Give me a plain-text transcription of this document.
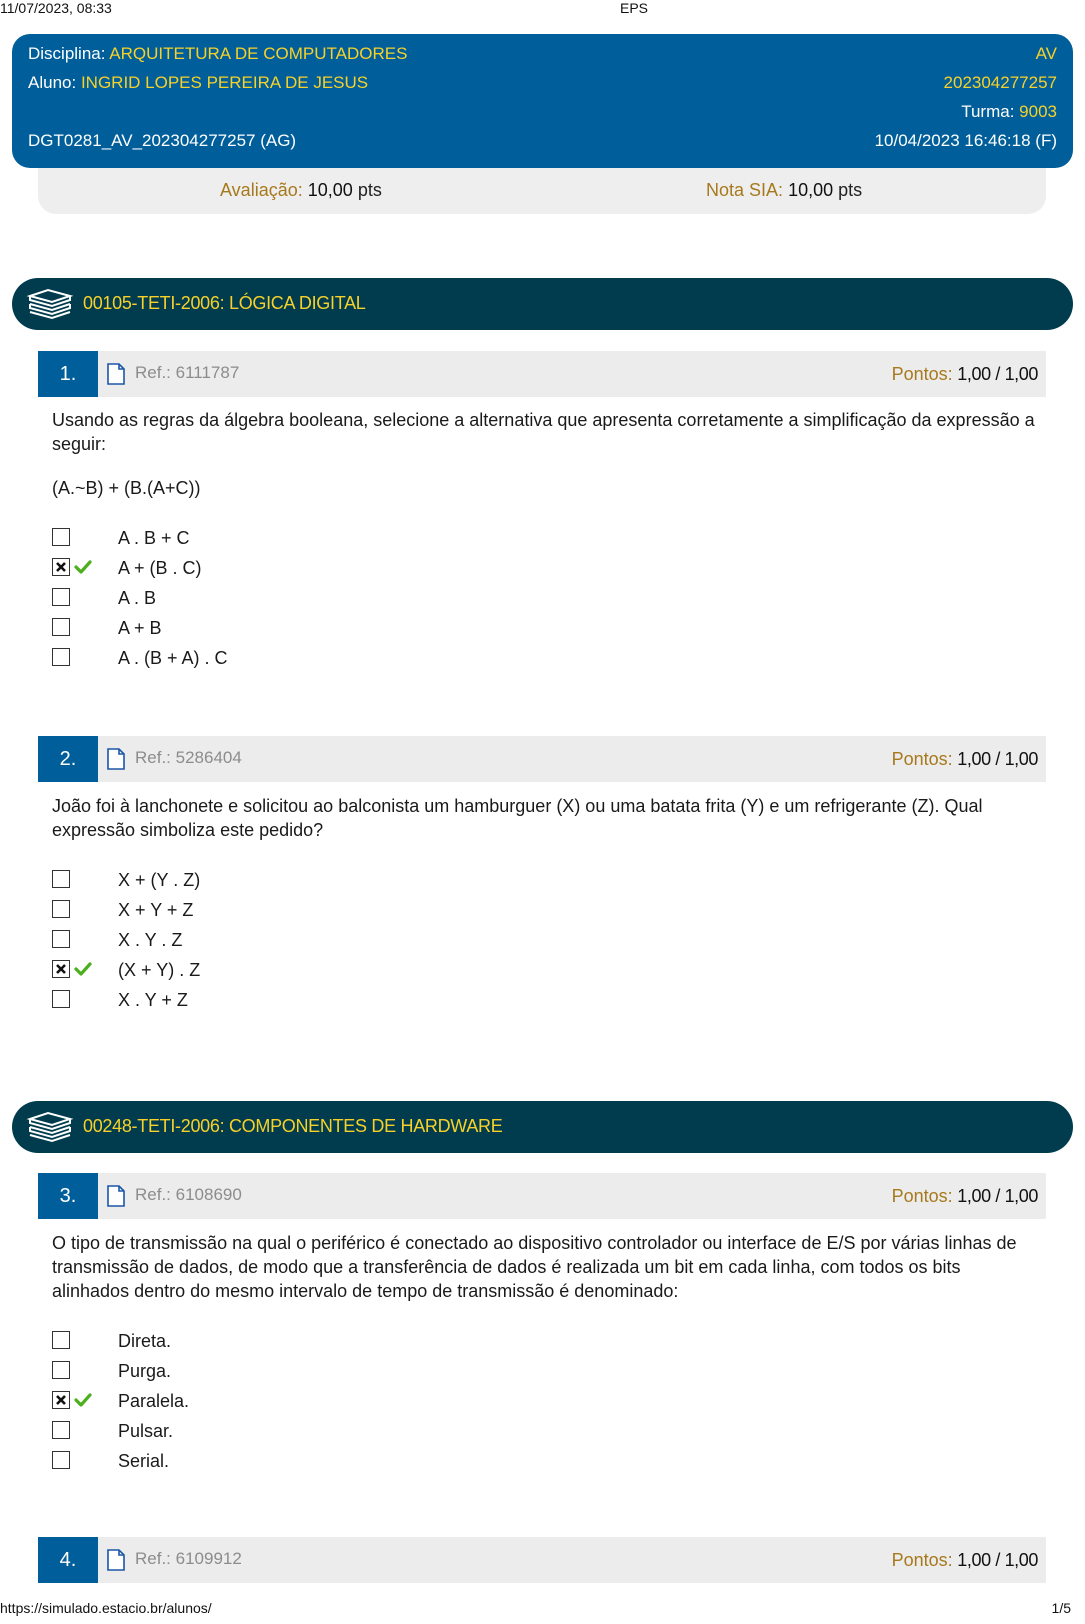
11/07/2023, 08:33	EPS
Disciplina: ARQUITETURA DE COMPUTADORES	AV
Aluno: INGRID LOPES PEREIRA DE JESUS	202304277257
Turma: 9003
DGT0281_AV_202304277257 (AG)	10/04/2023 16:46:18 (F)
Avaliação: 10,00 pts	Nota SIA: 10,00 pts
00105-TETI-2006: LÓGICA DIGITAL
1.	Ref.: 6111787	Pontos: 1,00 / 1,00
Usando as regras da álgebra booleana, selecione a alternativa que apresenta corretamente a simplificação da expressão a seguir:
(A.~B) + (B.(A+C))
A . B + C
A + (B . C)
A . B
A + B
A . (B + A) . C
2.	Ref.: 5286404	Pontos: 1,00 / 1,00
João foi à lanchonete e solicitou ao balconista um hamburguer (X) ou uma batata frita (Y) e um refrigerante (Z). Qual expressão simboliza este pedido?
X + (Y . Z)
X + Y + Z
X . Y . Z
(X + Y) . Z
X . Y + Z
00248-TETI-2006: COMPONENTES DE HARDWARE
3.	Ref.: 6108690	Pontos: 1,00 / 1,00
O tipo de transmissão na qual o periférico é conectado ao dispositivo controlador ou interface de E/S por várias linhas de transmissão de dados, de modo que a transferência de dados é realizada um bit em cada linha, com todos os bits alinhados dentro do mesmo intervalo de tempo de transmissão é denominado:
Direta.
Purga.
Paralela.
Pulsar.
Serial.
4.	Ref.: 6109912	Pontos: 1,00 / 1,00
https://simulado.estacio.br/alunos/	1/5
